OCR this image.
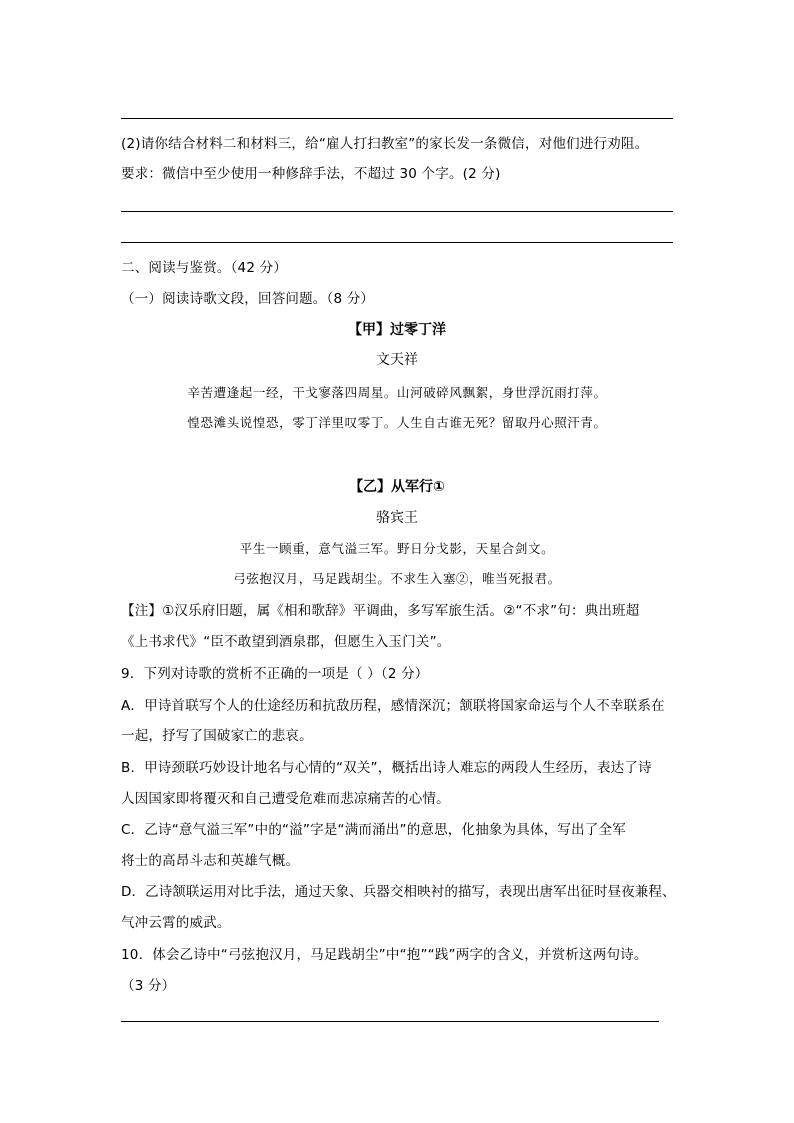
(2)请你结合材料二和材料三，给“雇人打扫教室”的家长发一条微信，对他们进行劝阻。
要求：微信中至少使用一种修辞手法，不超过 30 个字。(2 分)
二、阅读与鉴赏。（42 分）
（一）阅读诗歌文段，回答问题。（8 分）
【甲】过零丁洋
文天祥
辛苦遭逢起一经，干戈寥落四周星。山河破碎风飘絮，身世浮沉雨打萍。
惶恐滩头说惶恐，零丁洋里叹零丁。人生自古谁无死？留取丹心照汗青。
【乙】从军行①
骆宾王
平生一顾重，意气溢三军。野日分戈影，天星合剑文。
弓弦抱汉月，马足践胡尘。不求生入塞②，唯当死报君。
【注】①汉乐府旧题，属《相和歌辞》平调曲，多写军旅生活。②“不求”句：典出班超
《上书求代》“臣不敢望到酒泉郡，但愿生入玉门关”。
9．下列对诗歌的赏析不正确的一项是（ ）（2 分）
A．甲诗首联写个人的仕途经历和抗敌历程，感情深沉；颔联将国家命运与个人不幸联系在
一起，抒写了国破家亡的悲哀。
B．甲诗颈联巧妙设计地名与心情的“双关”，概括出诗人难忘的两段人生经历，表达了诗
人因国家即将覆灭和自己遭受危难而悲凉痛苦的心情。
C．乙诗“意气溢三军”中的“溢”字是“满而涌出”的意思，化抽象为具体，写出了全军
将士的高昂斗志和英雄气概。
D．乙诗颔联运用对比手法，通过天象、兵器交相映衬的描写，表现出唐军出征时昼夜兼程、
气冲云霄的威武。
10．体会乙诗中“弓弦抱汉月，马足践胡尘”中“抱”“践”两字的含义，并赏析这两句诗。
（3 分）
